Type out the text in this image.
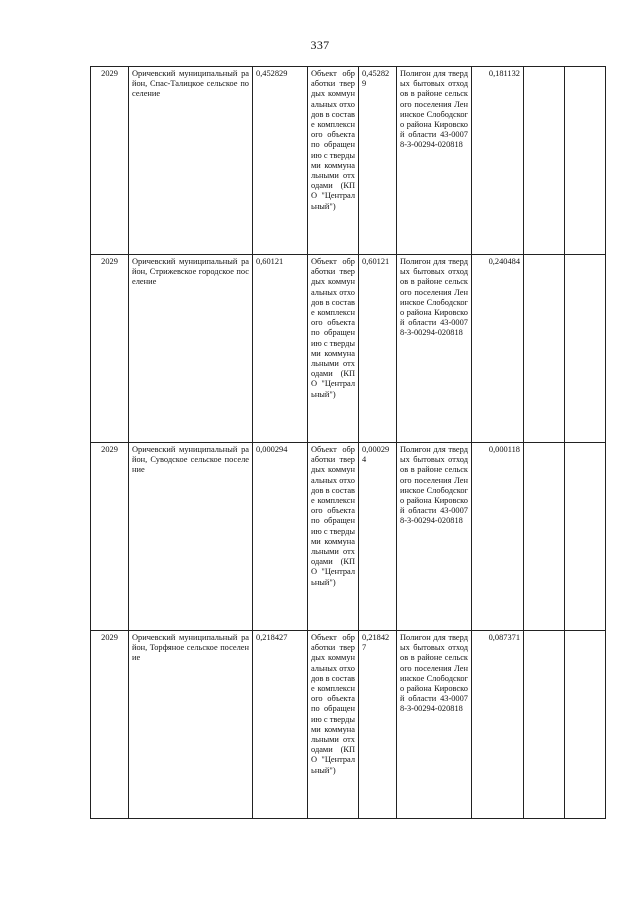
337
2029	Оричевский муниципальный район, Спас-Талицкое сельское поселение	0,452829	Объект обработки твердых коммунальных отходов в составе комплексного объекта по обращению с твердыми коммунальными отходами (КПО "Центральный")	0,452829	Полигон для твердых бытовых отходов в районе сельского поселения Ленинское Слободского района Кировской области 43-00078-З-00294-020818	0,181132		
2029	Оричевский муниципальный район, Стрижевское городское поселение	0,60121	Объект обработки твердых коммунальных отходов в составе комплексного объекта по обращению с твердыми коммунальными отходами (КПО "Центральный")	0,60121	Полигон для твердых бытовых отходов в районе сельского поселения Ленинское Слободского района Кировской области 43-00078-З-00294-020818	0,240484		
2029	Оричевский муниципальный район, Суводское сельское поселение	0,000294	Объект обработки твердых коммунальных отходов в составе комплексного объекта по обращению с твердыми коммунальными отходами (КПО "Центральный")	0,000294	Полигон для твердых бытовых отходов в районе сельского поселения Ленинское Слободского района Кировской области 43-00078-З-00294-020818	0,000118		
2029	Оричевский муниципальный район, Торфяное сельское поселение	0,218427	Объект обработки твердых коммунальных отходов в составе комплексного объекта по обращению с твердыми коммунальными отходами (КПО "Центральный")	0,218427	Полигон для твердых бытовых отходов в районе сельского поселения Ленинское Слободского района Кировской области 43-00078-З-00294-020818	0,087371		
